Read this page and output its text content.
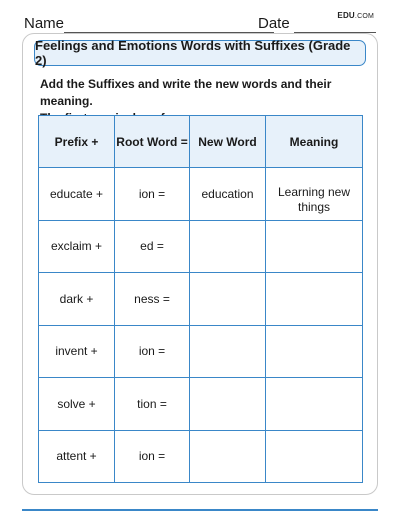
Name	Date	EDU.COM
Feelings and Emotions Words with Suffixes (Grade 2)
Add the Suffixes and write the new words and their meaning.
Prefix +	Root Word =	New Word	Meaning
educate +	ion =	education	Learning new things
exclaim +	ed =		
dark +	ness =		
invent +	ion =		
solve +	tion =		
attent +	ion =		
